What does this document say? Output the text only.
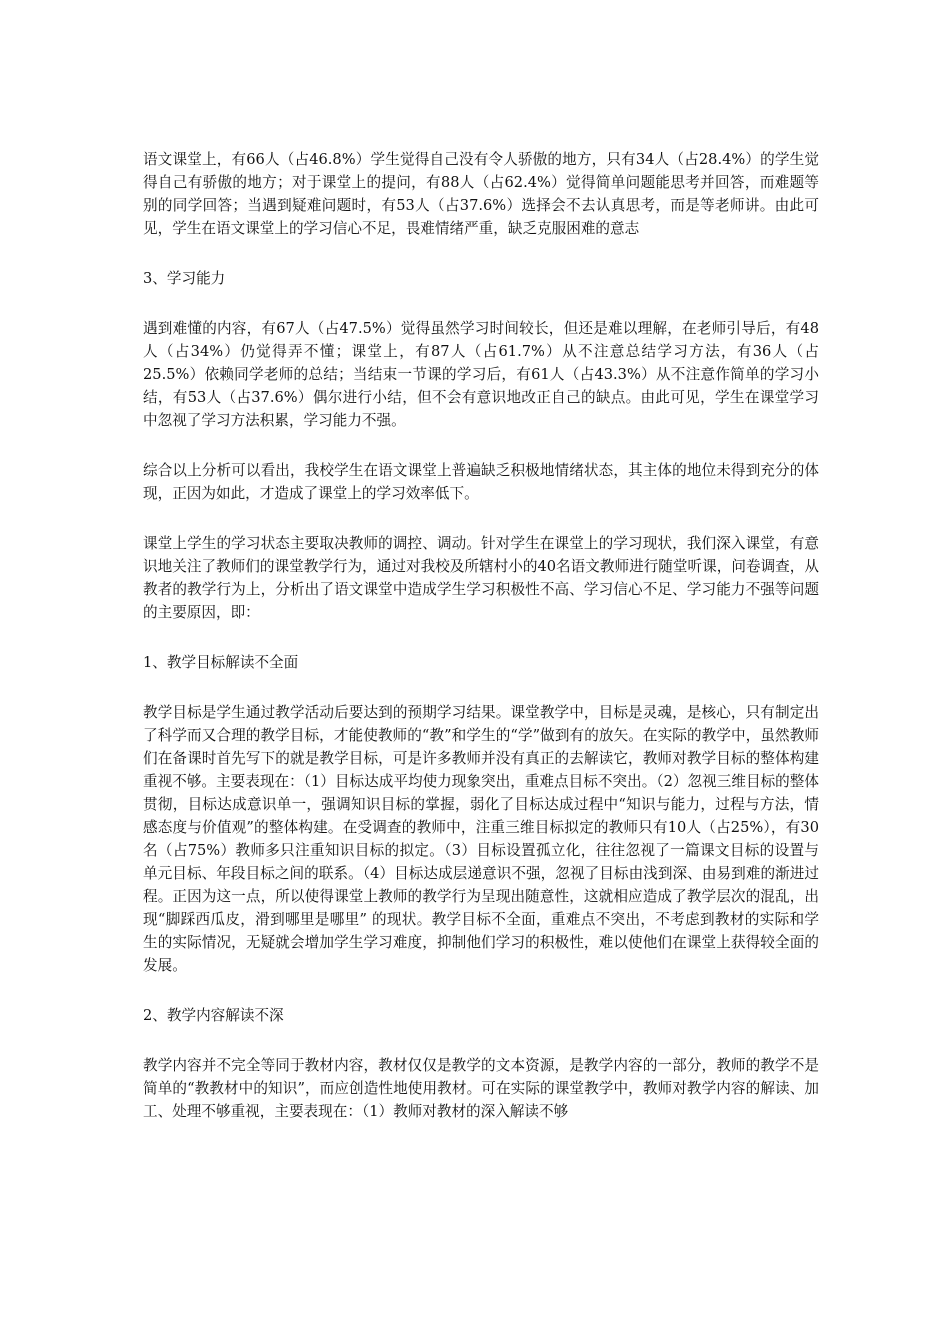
语文课堂上，有66人（占46.8%）学生觉得自己没有令人骄傲的地方，只有34人（占28.4%）的学生觉得自己有骄傲的地方；对于课堂上的提问，有88人（占62.4%）觉得简单问题能思考并回答，而难题等别的同学回答；当遇到疑难问题时，有53人（占37.6%）选择会不去认真思考，而是等老师讲。由此可见，学生在语文课堂上的学习信心不足，畏难情绪严重，缺乏克服困难的意志

3、学习能力

遇到难懂的内容，有67人（占47.5%）觉得虽然学习时间较长，但还是难以理解，在老师引导后，有48人（占34%）仍觉得弄不懂；课堂上，有87人（占61.7%）从不注意总结学习方法，有36人（占25.5%）依赖同学老师的总结；当结束一节课的学习后，有61人（占43.3%）从不注意作简单的学习小结，有53人（占37.6%）偶尔进行小结，但不会有意识地改正自己的缺点。由此可见，学生在课堂学习中忽视了学习方法积累，学习能力不强。

综合以上分析可以看出，我校学生在语文课堂上普遍缺乏积极地情绪状态，其主体的地位未得到充分的体现，正因为如此，才造成了课堂上的学习效率低下。

课堂上学生的学习状态主要取决教师的调控、调动。针对学生在课堂上的学习现状，我们深入课堂，有意识地关注了教师们的课堂教学行为，通过对我校及所辖村小的40名语文教师进行随堂听课，问卷调查，从教者的教学行为上，分析出了语文课堂中造成学生学习积极性不高、学习信心不足、学习能力不强等问题的主要原因，即：

1、教学目标解读不全面

教学目标是学生通过教学活动后要达到的预期学习结果。课堂教学中，目标是灵魂，是核心，只有制定出了科学而又合理的教学目标，才能使教师的“教”和学生的“学”做到有的放矢。在实际的教学中，虽然教师们在备课时首先写下的就是教学目标，可是许多教师并没有真正的去解读它，教师对教学目标的整体构建重视不够。主要表现在：（1）目标达成平均使力现象突出，重难点目标不突出。（2）忽视三维目标的整体贯彻，目标达成意识单一，强调知识目标的掌握，弱化了目标达成过程中“知识与能力，过程与方法，情感态度与价值观”的整体构建。在受调查的教师中，注重三维目标拟定的教师只有10人（占25%），有30名（占75%）教师多只注重知识目标的拟定。（3）目标设置孤立化，往往忽视了一篇课文目标的设置与单元目标、年段目标之间的联系。（4）目标达成层递意识不强，忽视了目标由浅到深、由易到难的渐进过程。正因为这一点，所以使得课堂上教师的教学行为呈现出随意性，这就相应造成了教学层次的混乱，出现“脚踩西瓜皮，滑到哪里是哪里” 的现状。教学目标不全面，重难点不突出，不考虑到教材的实际和学生的实际情况，无疑就会增加学生学习难度，抑制他们学习的积极性，难以使他们在课堂上获得较全面的发展。

2、教学内容解读不深

教学内容并不完全等同于教材内容，教材仅仅是教学的文本资源，是教学内容的一部分，教师的教学不是简单的“教教材中的知识”，而应创造性地使用教材。可在实际的课堂教学中，教师对教学内容的解读、加工、处理不够重视，主要表现在：（1）教师对教材的深入解读不够
